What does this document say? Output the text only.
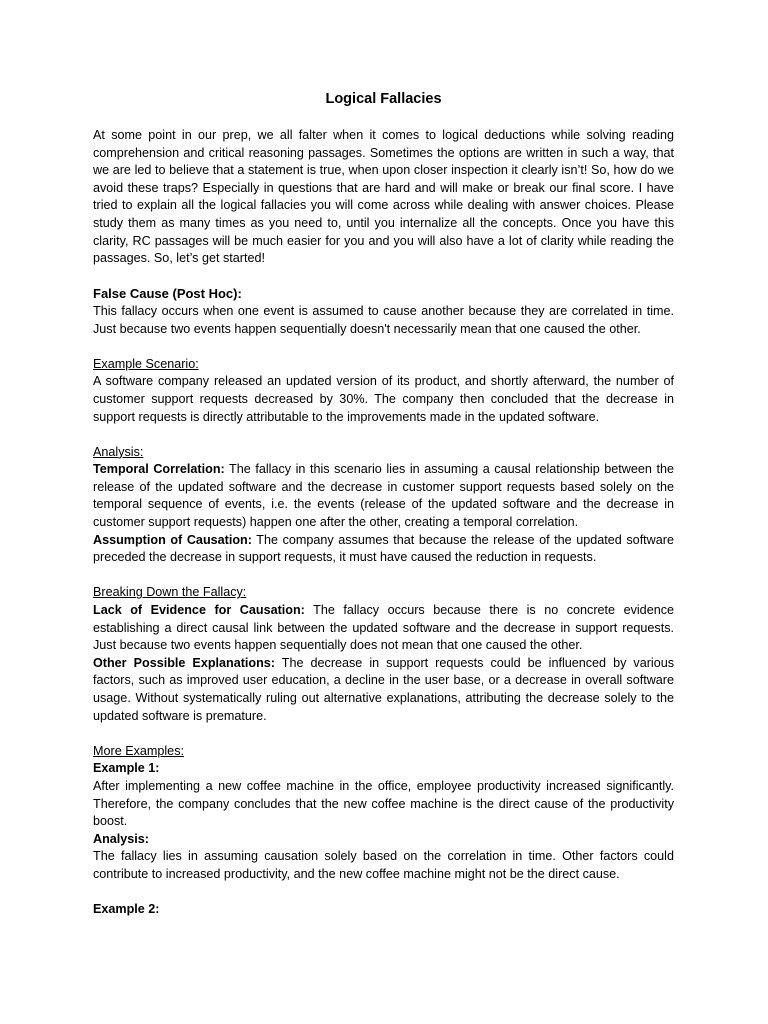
Logical Fallacies

At some point in our prep, we all falter when it comes to logical deductions while solving reading comprehension and critical reasoning passages. Sometimes the options are written in such a way, that we are led to believe that a statement is true, when upon closer inspection it clearly isn’t! So, how do we avoid these traps? Especially in questions that are hard and will make or break our final score. I have tried to explain all the logical fallacies you will come across while dealing with answer choices. Please study them as many times as you need to, until you internalize all the concepts. Once you have this clarity, RC passages will be much easier for you and you will also have a lot of clarity while reading the passages. So, let’s get started!

False Cause (Post Hoc):

This fallacy occurs when one event is assumed to cause another because they are correlated in time. Just because two events happen sequentially doesn't necessarily mean that one caused the other.

Example Scenario:

A software company released an updated version of its product, and shortly afterward, the number of customer support requests decreased by 30%. The company then concluded that the decrease in support requests is directly attributable to the improvements made in the updated software.

Analysis:

Temporal Correlation: The fallacy in this scenario lies in assuming a causal relationship between the release of the updated software and the decrease in customer support requests based solely on the temporal sequence of events, i.e. the events (release of the updated software and the decrease in customer support requests) happen one after the other, creating a temporal correlation.

Assumption of Causation: The company assumes that because the release of the updated software preceded the decrease in support requests, it must have caused the reduction in requests.

Breaking Down the Fallacy:

Lack of Evidence for Causation: The fallacy occurs because there is no concrete evidence establishing a direct causal link between the updated software and the decrease in support requests. Just because two events happen sequentially does not mean that one caused the other.

Other Possible Explanations: The decrease in support requests could be influenced by various factors, such as improved user education, a decline in the user base, or a decrease in overall software usage. Without systematically ruling out alternative explanations, attributing the decrease solely to the updated software is premature.

More Examples:
Example 1:

After implementing a new coffee machine in the office, employee productivity increased significantly. Therefore, the company concludes that the new coffee machine is the direct cause of the productivity boost.

Analysis:

The fallacy lies in assuming causation solely based on the correlation in time. Other factors could contribute to increased productivity, and the new coffee machine might not be the direct cause.

Example 2:
